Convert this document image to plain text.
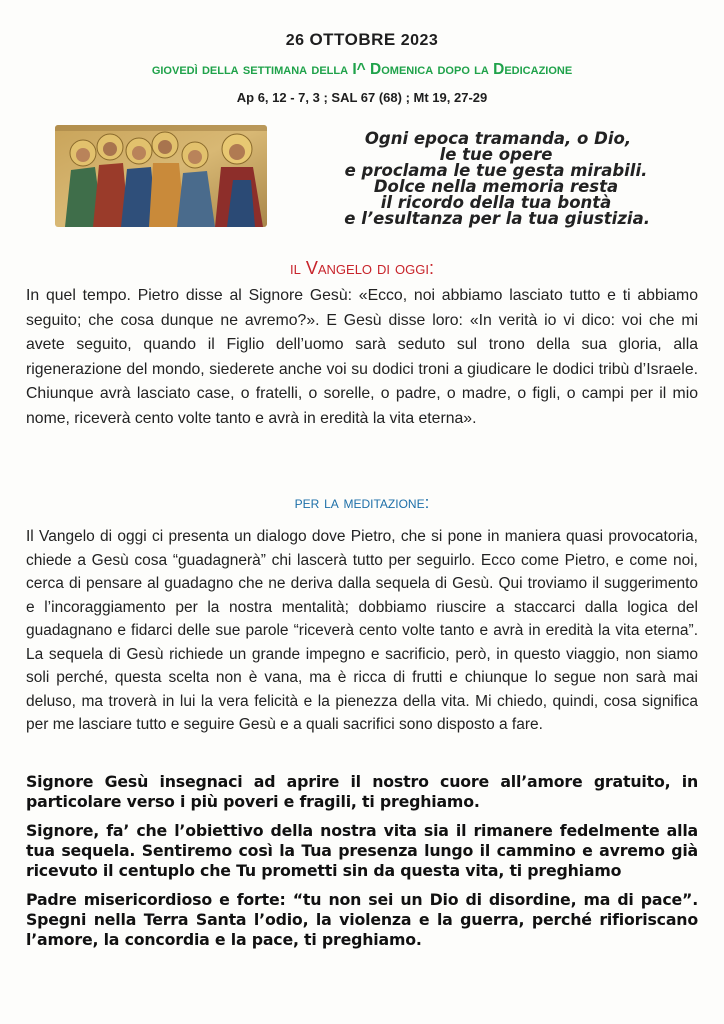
26 OTTOBRE 2023
giovedì della settimana della I^ Domenica dopo la Dedicazione
Ap 6, 12 - 7, 3 ; SAL 67 (68) ; Mt 19, 27-29
Ogni epoca tramanda, o Dio,
le tue opere
e proclama le tue gesta mirabili.
Dolce nella memoria resta
il ricordo della tua bontà
e l’esultanza per la tua giustizia.
il Vangelo di oggi:
In quel tempo. Pietro disse al Signore Gesù: «Ecco, noi abbiamo lasciato tutto e ti abbiamo seguito; che cosa dunque ne avremo?». E Gesù disse loro: «In verità io vi dico: voi che mi avete seguito, quando il Figlio dell’uomo sarà seduto sul trono della sua gloria, alla rigenerazione del mondo, siederete anche voi su dodici troni a giudicare le dodici tribù d’Israele. Chiunque avrà lasciato case, o fratelli, o sorelle, o padre, o madre, o figli, o campi per il mio nome, riceverà cento volte tanto e avrà in eredità la vita eterna».
per la meditazione:
Il Vangelo di oggi ci presenta un dialogo dove Pietro, che si pone in maniera quasi provocatoria, chiede a Gesù cosa “guadagnerà” chi lascerà tutto per seguirlo. Ecco come Pietro, e come noi, cerca di pensare al guadagno che ne deriva dalla sequela di Gesù. Qui troviamo il suggerimento e l’incoraggiamento per la nostra mentalità; dobbiamo riuscire a staccarci dalla logica del guadagnano e fidarci delle sue parole “riceverà cento volte tanto e avrà in eredità la vita eterna”. La sequela di Gesù richiede un grande impegno e sacrificio, però, in questo viaggio, non siamo soli perché, questa scelta non è vana, ma è ricca di frutti e chiunque lo segue non sarà mai deluso, ma troverà in lui la vera felicità e la pienezza della vita. Mi chiedo, quindi, cosa significa per me lasciare tutto e seguire Gesù e a quali sacrifici sono disposto a fare.

Signore Gesù insegnaci ad aprire il nostro cuore all’amore gratuito, in particolare verso i più poveri e fragili, ti preghiamo.

Signore, fa’ che l’obiettivo della nostra vita sia il rimanere fedelmente alla tua sequela. Sentiremo così la Tua presenza lungo il cammino e avremo già ricevuto il centuplo che Tu prometti sin da questa vita, ti preghiamo

Padre misericordioso e forte: “tu non sei un Dio di disordine, ma di pace”. Spegni nella Terra Santa l’odio, la violenza e la guerra, perché rifioriscano l’amore, la concordia e la pace, ti preghiamo.
